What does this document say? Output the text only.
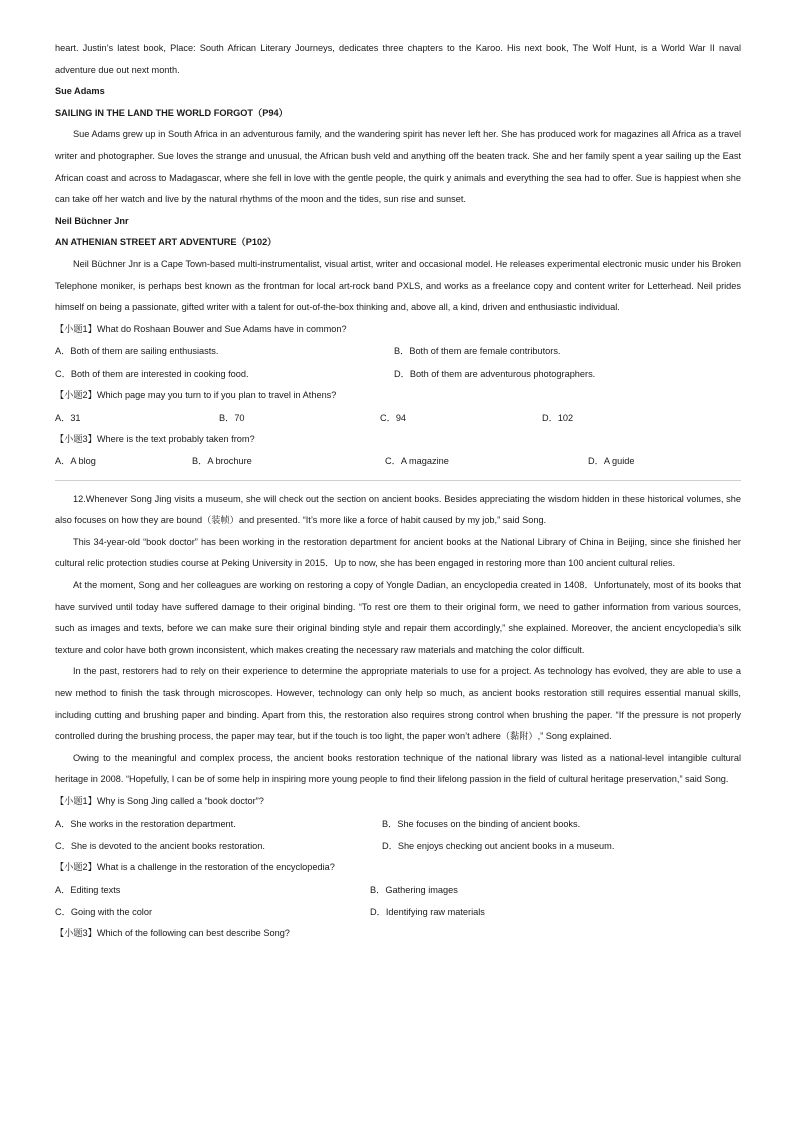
heart. Justin’s latest book, Place: South African Literary Journeys, dedicates three chapters to the Karoo. His next book, The Wolf Hunt, is a World War II naval adventure due out next month.

Sue Adams
SAILING IN THE LAND THE WORLD FORGOT（P94）

Sue Adams grew up in South Africa in an adventurous family, and the wandering spirit has never left her. She has produced work for magazines all Africa as a travel writer and photographer. Sue loves the strange and unusual, the African bush veld and anything off the beaten track. She and her family spent a year sailing up the East African coast and across to Madagascar, where she fell in love with the gentle people, the quirk y animals and everything the sea had to offer. Sue is happiest when she can take off her watch and live by the natural rhythms of the moon and the tides, sun rise and sunset.

Neil Büchner Jnr
AN ATHENIAN STREET ART ADVENTURE（P102）

Neil Büchner Jnr is a Cape Town-based multi-instrumentalist, visual artist, writer and occasional model. He releases experimental electronic music under his Broken Telephone moniker, is perhaps best known as the frontman for local art-rock band PXLS, and works as a freelance copy and content writer for Letterhead. Neil prides himself on being a passionate, gifted writer with a talent for out-of-the-box thinking and, above all, a kind, driven and enthusiastic individual.

【小题1】What do Roshaan Bouwer and Sue Adams have in common?
A．Both of them are sailing enthusiasts.	B．Both of them are female contributors.
C．Both of them are interested in cooking food.	D．Both of them are adventurous photographers.
【小题2】Which page may you turn to if you plan to travel in Athens?
A．31	B．70	C．94	D．102
【小题3】Where is the text probably taken from?
A．A blog	B．A brochure	C．A magazine	D．A guide

12.Whenever Song Jing visits a museum, she will check out the section on ancient books. Besides appreciating the wisdom hidden in these historical volumes, she also focuses on how they are bound（装帧）and presented. “It’s more like a force of habit caused by my job,” said Song.

This 34-year-old “book doctor” has been working in the restoration department for ancient books at the National Library of China in Beijing, since she finished her cultural relic protection studies course at Peking University in 2015．Up to now, she has been engaged in restoring more than 100 ancient cultural relies.

At the moment, Song and her colleagues are working on restoring a copy of Yongle Dadian, an encyclopedia created in 1408．Unfortunately, most of its books that have survived until today have suffered damage to their original binding. “To rest ore them to their original form, we need to gather information from various sources, such as images and texts, before we can make sure their original binding style and repair them accordingly,” she explained. Moreover, the ancient encyclopedia’s silk texture and color have both grown inconsistent, which makes creating the necessary raw materials and matching the color difficult.

In the past, restorers had to rely on their experience to determine the appropriate materials to use for a project. As technology has evolved, they are able to use a new method to finish the task through microscopes. However, technology can only help so much, as ancient books restoration still requires essential manual skills, including cutting and brushing paper and binding. Apart from this, the restoration also requires strong control when brushing the paper. “If the pressure is not properly controlled during the brushing process, the paper may tear, but if the touch is too light, the paper won’t adhere（黏附）,” Song explained.

Owing to the meaningful and complex process, the ancient books restoration technique of the national library was listed as a national-level intangible cultural heritage in 2008. “Hopefully, I can be of some help in inspiring more young people to find their lifelong passion in the field of cultural heritage preservation,” said Song.

【小题1】Why is Song Jing called a “book doctor”?
A．She works in the restoration department.	B．She focuses on the binding of ancient books.
C．She is devoted to the ancient books restoration.	D．She enjoys checking out ancient books in a museum.
【小题2】What is a challenge in the restoration of the encyclopedia?
A．Editing texts	B．Gathering images
C．Going with the color	D．Identifying raw materials
【小题3】Which of the following can best describe Song?
